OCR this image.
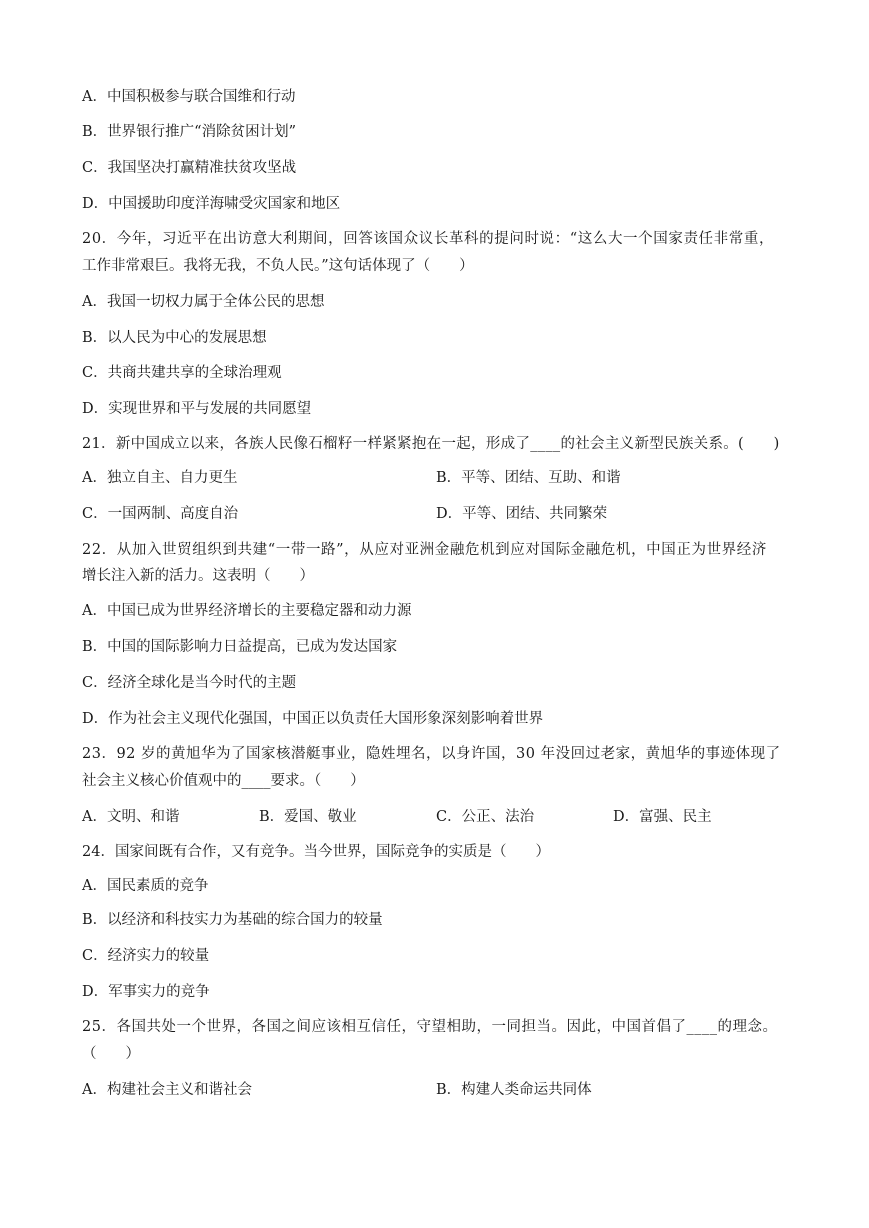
A．中国积极参与联合国维和行动
B．世界银行推广“消除贫困计划”
C．我国坚决打赢精准扶贫攻坚战
D．中国援助印度洋海啸受灾国家和地区
20．今年，习近平在出访意大利期间，回答该国众议长革科的提问时说：“这么大一个国家责任非常重，
工作非常艰巨。我将无我，不负人民。”这句话体现了（　　）
A．我国一切权力属于全体公民的思想
B．以人民为中心的发展思想
C．共商共建共享的全球治理观
D．实现世界和平与发展的共同愿望
21．新中国成立以来，各族人民像石榴籽一样紧紧抱在一起，形成了____的社会主义新型民族关系。(　　)
A．独立自主、自力更生	B．平等、团结、互助、和谐
C．一国两制、高度自治	D．平等、团结、共同繁荣
22．从加入世贸组织到共建“一带一路”，从应对亚洲金融危机到应对国际金融危机，中国正为世界经济
增长注入新的活力。这表明（　　）
A．中国已成为世界经济增长的主要稳定器和动力源
B．中国的国际影响力日益提高，已成为发达国家
C．经济全球化是当今时代的主题
D．作为社会主义现代化强国，中国正以负责任大国形象深刻影响着世界
23．92 岁的黄旭华为了国家核潜艇事业，隐姓埋名，以身许国，30 年没回过老家，黄旭华的事迹体现了
社会主义核心价值观中的____要求。（　　）
A．文明、和谐	B．爱国、敬业	C．公正、法治	D．富强、民主
24．国家间既有合作，又有竞争。当今世界，国际竞争的实质是（　　）
A．国民素质的竞争
B．以经济和科技实力为基础的综合国力的较量
C．经济实力的较量
D．军事实力的竞争
25．各国共处一个世界，各国之间应该相互信任，守望相助，一同担当。因此，中国首倡了____的理念。
（　　）
A．构建社会主义和谐社会	B．构建人类命运共同体
